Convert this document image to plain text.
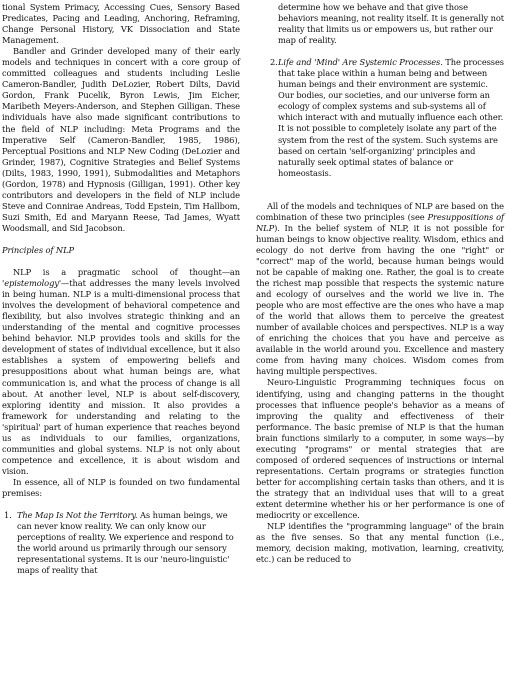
tional System Primacy, Accessing Cues, Sensory Based Predicates, Pacing and Leading, Anchoring, Reframing, Change Personal History, VK Dissociation and State Management.

Bandler and Grinder developed many of their early models and techniques in concert with a core group of committed colleagues and students including Leslie Cameron-Bandler, Judith DeLozier, Robert Dilts, David Gordon, Frank Pucelik, Byron Lewis, Jim Eicher, Maribeth Meyers-Anderson, and Stephen Gilligan. These individuals have also made significant contributions to the field of NLP including: Meta Programs and the Imperative Self (Cameron-Bandler, 1985, 1986), Perceptual Positions and NLP New Coding (DeLozier and Grinder, 1987), Cognitive Strategies and Belief Systems (Dilts, 1983, 1990, 1991), Submodalities and Metaphors (Gordon, 1978) and Hypnosis (Gilligan, 1991). Other key contributors and developers in the field of NLP include Steve and Connirae Andreas, Todd Epstein, Tim Hallbom, Suzi Smith, Ed and Maryann Reese, Tad James, Wyatt Woodsmall, and Sid Jacobson.

Principles of NLP

NLP is a pragmatic school of thought—an 'epistemology'—that addresses the many levels involved in being human. NLP is a multi-dimensional process that involves the development of behavioral competence and flexibility, but also involves strategic thinking and an understanding of the mental and cognitive processes behind behavior. NLP provides tools and skills for the development of states of individual excellence, but it also establishes a system of empowering beliefs and presuppositions about what human beings are, what communication is, and what the process of change is all about. At another level, NLP is about self-discovery, exploring identity and mission. It also provides a framework for understanding and relating to the 'spiritual' part of human experience that reaches beyond us as individuals to our families, organizations, communities and global systems. NLP is not only about competence and excellence, it is about wisdom and vision.

In essence, all of NLP is founded on two fundamental premises:

1. The Map Is Not the Territory. As human beings, we can never know reality. We can only know our perceptions of reality. We experience and respond to the world around us primarily through our sensory representational systems. It is our 'neuro-linguistic' maps of reality that

determine how we behave and that give those behaviors meaning, not reality itself. It is generally not reality that limits us or empowers us, but rather our map of reality.

2. Life and 'Mind' Are Systemic Processes. The processes that take place within a human being and between human beings and their environment are systemic. Our bodies, our societies, and our universe form an ecology of complex systems and sub-systems all of which interact with and mutually influence each other. It is not possible to completely isolate any part of the system from the rest of the system. Such systems are based on certain 'self-organizing' principles and naturally seek optimal states of balance or homeostasis.

All of the models and techniques of NLP are based on the combination of these two principles (see Presuppositions of NLP). In the belief system of NLP, it is not possible for human beings to know objective reality. Wisdom, ethics and ecology do not derive from having the one "right" or "correct" map of the world, because human beings would not be capable of making one. Rather, the goal is to create the richest map possible that respects the systemic nature and ecology of ourselves and the world we live in. The people who are most effective are the ones who have a map of the world that allows them to perceive the greatest number of available choices and perspectives. NLP is a way of enriching the choices that you have and perceive as available in the world around you. Excellence and mastery come from having many choices. Wisdom comes from having multiple perspectives.

Neuro-Linguistic Programming techniques focus on identifying, using and changing patterns in the thought processes that influence people's behavior as a means of improving the quality and effectiveness of their performance. The basic premise of NLP is that the human brain functions similarly to a computer, in some ways—by executing "programs" or mental strategies that are composed of ordered sequences of instructions or internal representations. Certain programs or strategies function better for accomplishing certain tasks than others, and it is the strategy that an individual uses that will to a great extent determine whether his or her performance is one of mediocrity or excellence.

NLP identifies the "programming language" of the brain as the five senses. So that any mental function (i.e., memory, decision making, motivation, learning, creativity, etc.) can be reduced to
